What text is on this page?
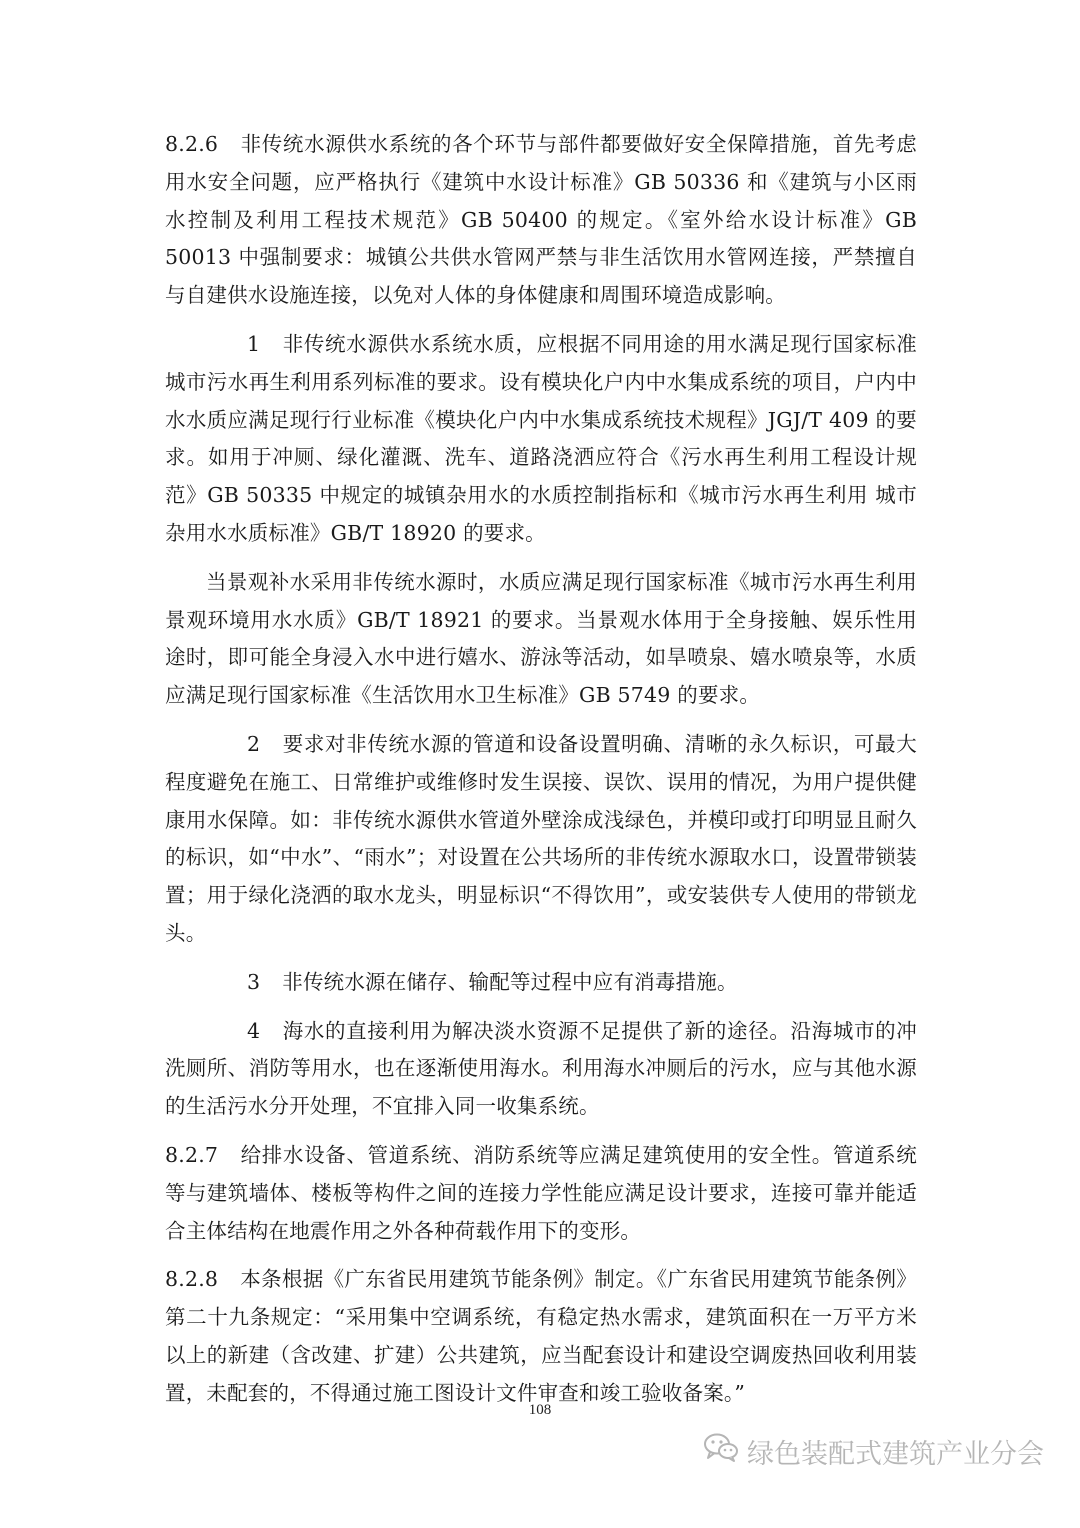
8.2.6 非传统水源供水系统的各个环节与部件都要做好安全保障措施，首先考虑用水安全问题，应严格执行《建筑中水设计标准》GB 50336 和《建筑与小区雨水控制及利用工程技术规范》GB 50400 的规定。《室外给水设计标准》GB 50013 中强制要求：城镇公共供水管网严禁与非生活饮用水管网连接，严禁擅自与自建供水设施连接，以免对人体的身体健康和周围环境造成影响。

1 非传统水源供水系统水质，应根据不同用途的用水满足现行国家标准城市污水再生利用系列标准的要求。设有模块化户内中水集成系统的项目，户内中水水质应满足现行行业标准《模块化户内中水集成系统技术规程》JGJ/T 409 的要求。如用于冲厕、绿化灌溉、洗车、道路浇洒应符合《污水再生利用工程设计规范》GB 50335 中规定的城镇杂用水的水质控制指标和《城市污水再生利用 城市杂用水水质标准》GB/T 18920 的要求。

当景观补水采用非传统水源时，水质应满足现行国家标准《城市污水再生利用 景观环境用水水质》GB/T 18921 的要求。当景观水体用于全身接触、娱乐性用途时，即可能全身浸入水中进行嬉水、游泳等活动，如旱喷泉、嬉水喷泉等，水质应满足现行国家标准《生活饮用水卫生标准》GB 5749 的要求。

2 要求对非传统水源的管道和设备设置明确、清晰的永久标识，可最大程度避免在施工、日常维护或维修时发生误接、误饮、误用的情况，为用户提供健康用水保障。如：非传统水源供水管道外壁涂成浅绿色，并模印或打印明显且耐久的标识，如“中水”、“雨水”；对设置在公共场所的非传统水源取水口，设置带锁装置；用于绿化浇洒的取水龙头，明显标识“不得饮用”，或安装供专人使用的带锁龙头。

3 非传统水源在储存、输配等过程中应有消毒措施。

4 海水的直接利用为解决淡水资源不足提供了新的途径。沿海城市的冲洗厕所、消防等用水，也在逐渐使用海水。利用海水冲厕后的污水，应与其他水源的生活污水分开处理，不宜排入同一收集系统。

8.2.7 给排水设备、管道系统、消防系统等应满足建筑使用的安全性。管道系统等与建筑墙体、楼板等构件之间的连接力学性能应满足设计要求，连接可靠并能适合主体结构在地震作用之外各种荷载作用下的变形。

8.2.8 本条根据《广东省民用建筑节能条例》制定。《广东省民用建筑节能条例》第二十九条规定：“采用集中空调系统，有稳定热水需求，建筑面积在一万平方米以上的新建（含改建、扩建）公共建筑，应当配套设计和建设空调废热回收利用装置，未配套的，不得通过施工图设计文件审查和竣工验收备案。”

108
绿色装配式建筑产业分会
